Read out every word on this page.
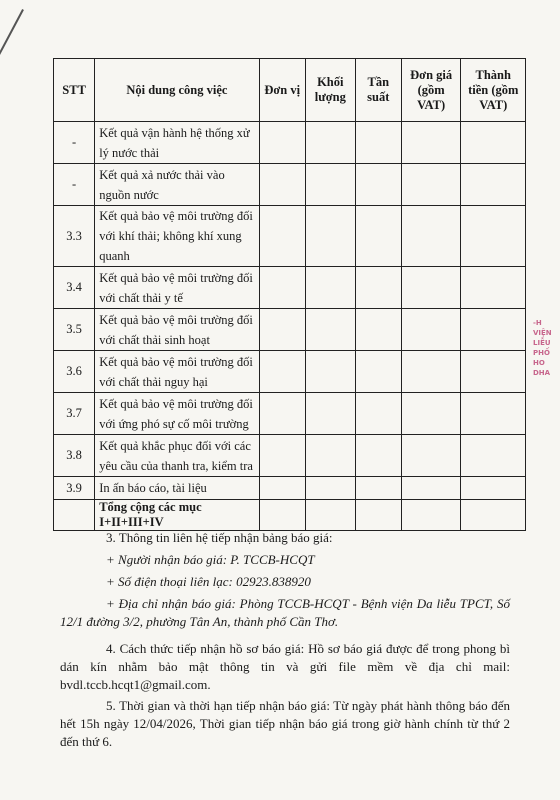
STT	Nội dung công việc	Đơn vị	Khối lượng	Tần suất	Đơn giá (gồm VAT)	Thành tiền (gồm VAT)
-	Kết quả vận hành hệ thống xử lý nước thải					
-	Kết quả xả nước thải vào nguồn nước					
3.3	Kết quả bảo vệ môi trường đối với khí thải; không khí xung quanh					
3.4	Kết quả bảo vệ môi trường đối với chất thải y tế					
3.5	Kết quả bảo vệ môi trường đối với chất thải sinh hoạt					
3.6	Kết quả bảo vệ môi trường đối với chất thải nguy hại					
3.7	Kết quả bảo vệ môi trường đối với ứng phó sự cố môi trường					
3.8	Kết quả khắc phục đối với các yêu cầu của thanh tra, kiểm tra					
3.9	In ấn báo cáo, tài liệu					
	Tổng cộng các mục I+II+III+IV					
3. Thông tin liên hệ tiếp nhận bảng báo giá:
+ Người nhận báo giá: P. TCCB-HCQT
+ Số điện thoại liên lạc: 02923.838920
+ Địa chỉ nhận báo giá: Phòng TCCB-HCQT - Bệnh viện Da liễu TPCT, Số 12/1 đường 3/2, phường Tân An, thành phố Cần Thơ.
4. Cách thức tiếp nhận hồ sơ báo giá: Hồ sơ báo giá được để trong phong bì dán kín nhằm bảo mật thông tin và gửi file mềm về địa chỉ mail: bvdl.tccb.hcqt1@gmail.com.
5. Thời gian và thời hạn tiếp nhận báo giá: Từ ngày phát hành thông báo đến hết 15h ngày 12/04/2026, Thời gian tiếp nhận báo giá trong giờ hành chính từ thứ 2 đến thứ 6.
-H
VIỆN
LIỄU
PHỐ
HO
DHA
